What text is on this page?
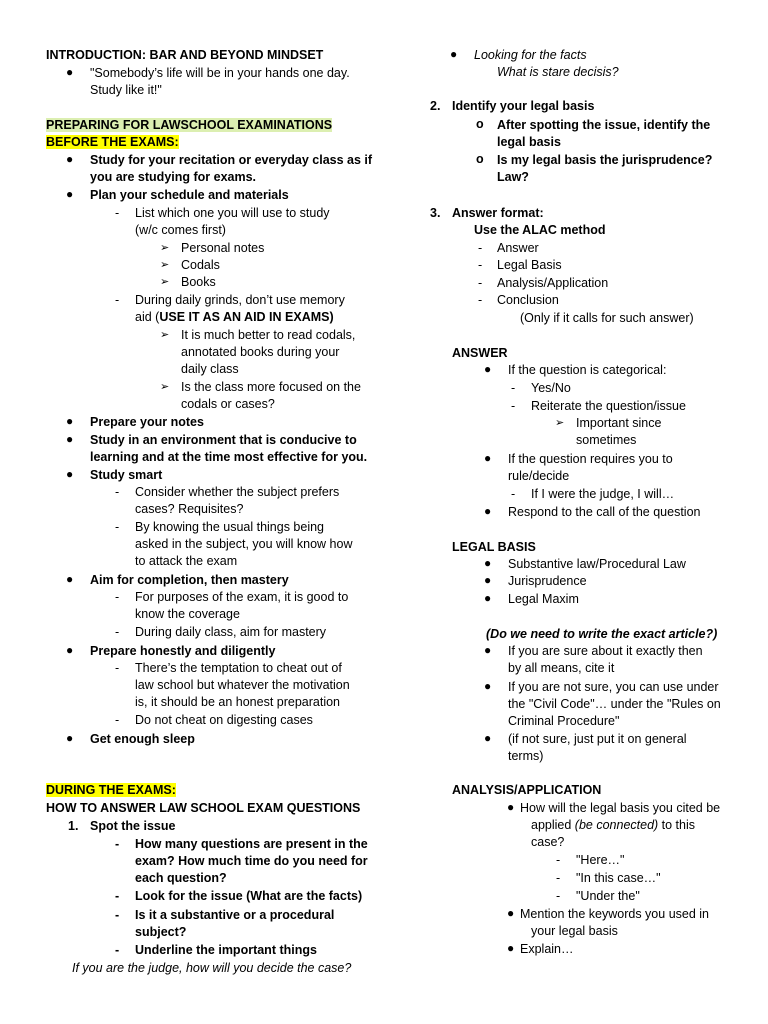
INTRODUCTION: BAR AND BEYOND MINDSET
● "Somebody’s life will be in your hands one day.
Study like it!"
PREPARING FOR LAWSCHOOL EXAMINATIONS
BEFORE THE EXAMS:
● Study for your recitation or everyday class as if
you are studying for exams.
● Plan your schedule and materials
- List which one you will use to study
(w/c comes first)
➢ Personal notes
➢ Codals
➢ Books
- During daily grinds, don’t use memory
aid (USE IT AS AN AID IN EXAMS)
➢ It is much better to read codals,
annotated books during your
daily class
➢ Is the class more focused on the
codals or cases?
● Prepare your notes
● Study in an environment that is conducive to
learning and at the time most effective for you.
● Study smart
- Consider whether the subject prefers
cases? Requisites?
- By knowing the usual things being
asked in the subject, you will know how
to attack the exam
● Aim for completion, then mastery
- For purposes of the exam, it is good to
know the coverage
- During daily class, aim for mastery
● Prepare honestly and diligently
- There’s the temptation to cheat out of
law school but whatever the motivation
is, it should be an honest preparation
- Do not cheat on digesting cases
● Get enough sleep
DURING THE EXAMS:
HOW TO ANSWER LAW SCHOOL EXAM QUESTIONS
1. Spot the issue
- How many questions are present in the
exam? How much time do you need for
each question?
- Look for the issue (What are the facts)
- Is it a substantive or a procedural
subject?
- Underline the important things
If you are the judge, how will you decide the case?
● Looking for the facts
What is stare decisis?
2. Identify your legal basis
o After spotting the issue, identify the
legal basis
o Is my legal basis the jurisprudence?
Law?
3. Answer format:
Use the ALAC method
- Answer
- Legal Basis
- Analysis/Application
- Conclusion
(Only if it calls for such answer)
ANSWER
● If the question is categorical:
- Yes/No
- Reiterate the question/issue
➢ Important since
sometimes
● If the question requires you to
rule/decide
- If I were the judge, I will…
● Respond to the call of the question
LEGAL BASIS
● Substantive law/Procedural Law
● Jurisprudence
● Legal Maxim
(Do we need to write the exact article?)
● If you are sure about it exactly then
by all means, cite it
● If you are not sure, you can use under
the "Civil Code"… under the "Rules on
Criminal Procedure"
● (if not sure, just put it on general
terms)
ANALYSIS/APPLICATION
● How will the legal basis you cited be
applied (be connected) to this
case?
- "Here…"
- "In this case…"
- "Under the"
● Mention the keywords you used in
your legal basis
● Explain…
